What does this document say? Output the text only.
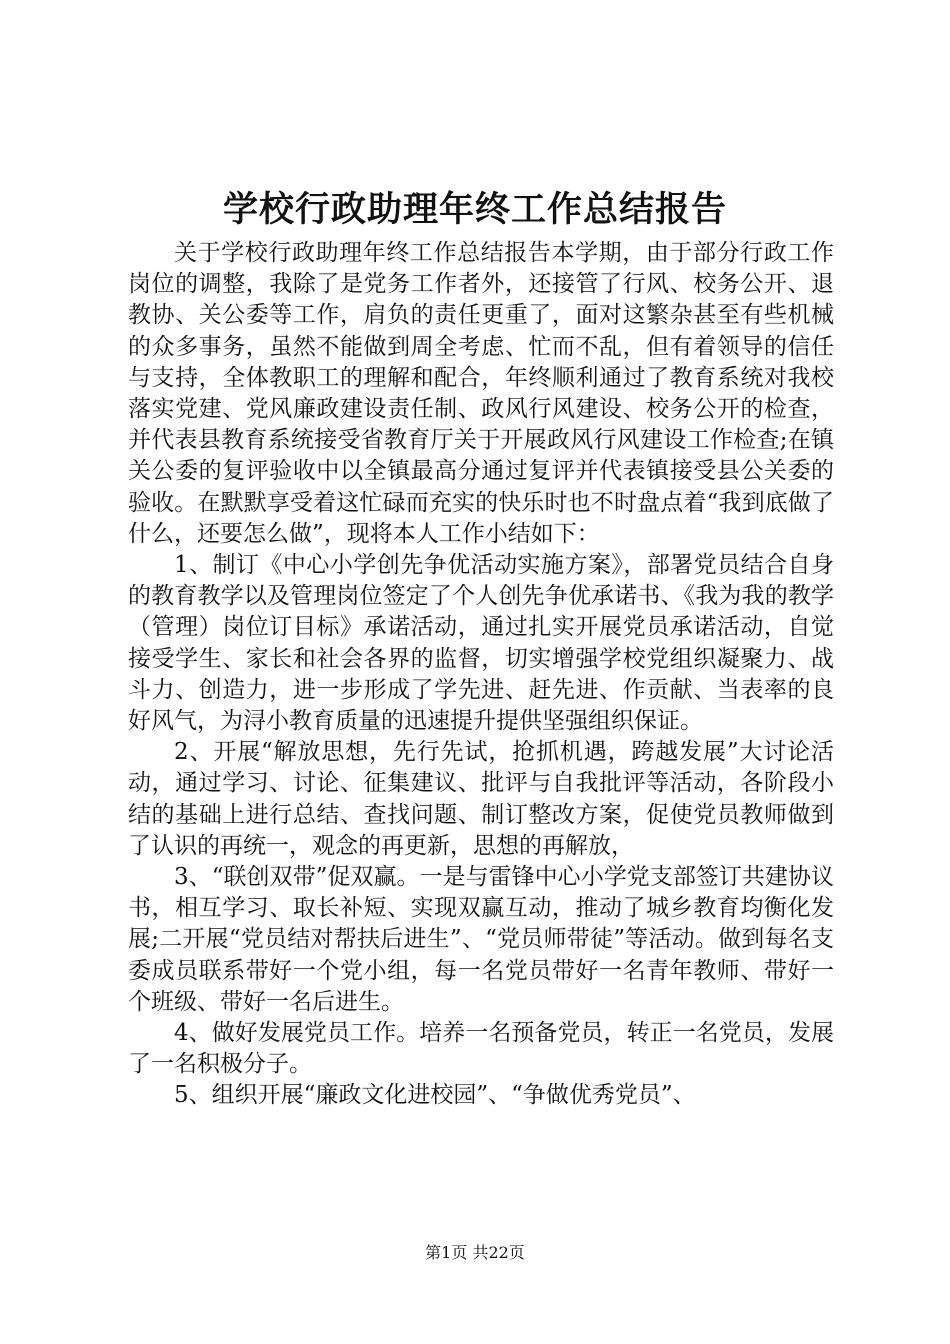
学校行政助理年终工作总结报告

关于学校行政助理年终工作总结报告本学期，由于部分行政工作岗位的调整，我除了是党务工作者外，还接管了行风、校务公开、退教协、关公委等工作，肩负的责任更重了，面对这繁杂甚至有些机械的众多事务，虽然不能做到周全考虑、忙而不乱，但有着领导的信任与支持，全体教职工的理解和配合，年终顺利通过了教育系统对我校落实党建、党风廉政建设责任制、政风行风建设、校务公开的检查，并代表县教育系统接受省教育厅关于开展政风行风建设工作检查;在镇关公委的复评验收中以全镇最高分通过复评并代表镇接受县公关委的验收。在默默享受着这忙碌而充实的快乐时也不时盘点着“我到底做了什么，还要怎么做”，现将本人工作小结如下：

1、制订《中心小学创先争优活动实施方案》，部署党员结合自身的教育教学以及管理岗位签定了个人创先争优承诺书、《我为我的教学（管理）岗位订目标》承诺活动，通过扎实开展党员承诺活动，自觉接受学生、家长和社会各界的监督，切实增强学校党组织凝聚力、战斗力、创造力，进一步形成了学先进、赶先进、作贡献、当表率的良好风气，为浔小教育质量的迅速提升提供坚强组织保证。

2、开展“解放思想，先行先试，抢抓机遇，跨越发展”大讨论活动，通过学习、讨论、征集建议、批评与自我批评等活动，各阶段小结的基础上进行总结、查找问题、制订整改方案，促使党员教师做到了认识的再统一，观念的再更新，思想的再解放，

3、“联创双带”促双赢。一是与雷锋中心小学党支部签订共建协议书，相互学习、取长补短、实现双赢互动，推动了城乡教育均衡化发展;二开展“党员结对帮扶后进生”、“党员师带徒”等活动。做到每名支委成员联系带好一个党小组，每一名党员带好一名青年教师、带好一个班级、带好一名后进生。

4、做好发展党员工作。培养一名预备党员，转正一名党员，发展了一名积极分子。

5、组织开展“廉政文化进校园”、“争做优秀党员”、

第1页 共22页
